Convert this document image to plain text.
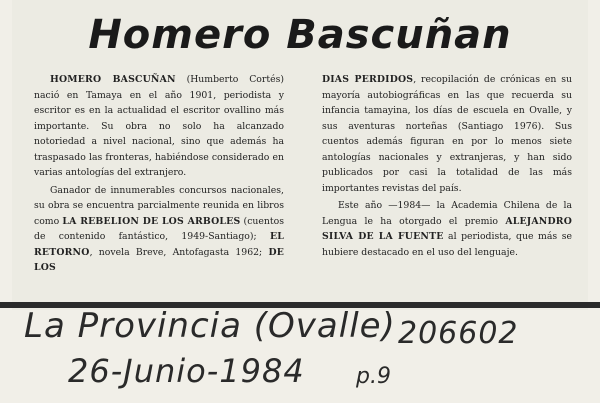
Homero Bascuñan

HOMERO BASCUÑAN (Humberto Cortés) nació en Tamaya en el año 1901, periodista y escritor es en la actualidad el escritor ovallino más importante. Su obra no solo ha alcanzado notoriedad a nivel nacional, sino que además ha traspasado las fronteras, habiéndose considerado en varias antologías del extranjero.

Ganador de innumerables concursos nacionales, su obra se encuentra parcialmente reunida en libros como LA REBELION DE LOS ARBOLES (cuentos de contenido fantástico, 1949-Santiago); EL RETORNO, novela Breve, Antofagasta 1962; DE LOS

DIAS PERDIDOS, recopilación de crónicas en su mayoría autobiográficas en las que recuerda su infancia tamayina, los días de escuela en Ovalle, y sus aventuras norteñas (Santiago 1976). Sus cuentos además figuran en por lo menos siete antologías nacionales y extranjeras, y han sido publicados por casi la totalidad de las más importantes revistas del país.

Este año —1984— la Academia Chilena de la Lengua le ha otorgado el premio ALEJANDRO SILVA DE LA FUENTE al periodista, que más se hubiere destacado en el uso del lenguaje.

La Provincia (Ovalle) 206602
26-Junio-1984 p.9
